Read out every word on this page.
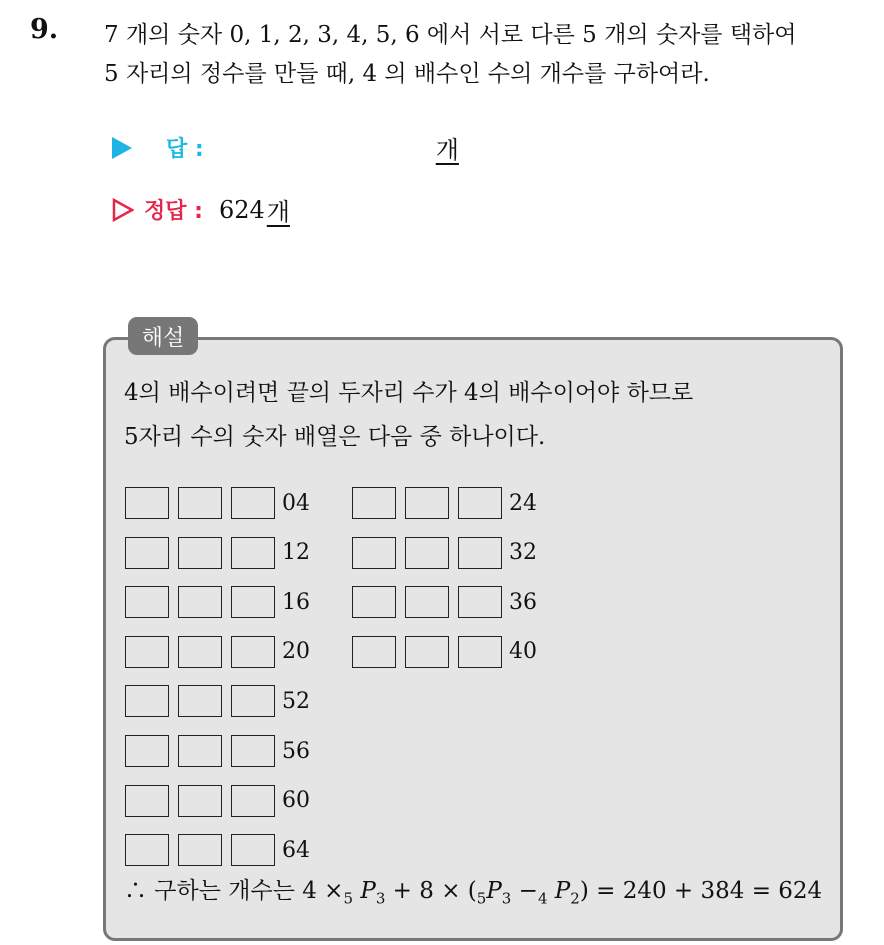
9. 7 개의 숫자 0, 1, 2, 3, 4, 5, 6 에서 서로 다른 5 개의 숫자를 택하여
5 자리의 정수를 만들 때, 4 의 배수인 수의 개수를 구하여라.
답 :	개
정답 : 624 개
해설
4의 배수이려면 끝의 두자리 수가 4의 배수이어야 하므로
5자리 수의 숫자 배열은 다음 중 하나이다.
04
12
16
20
52
56
60
64
24
32
36
40
∴ 구하는 개수는 $4 \times_5$ $P_3 + 8 \times (_5P_3 -_4$ $P_2) = 240 + 384 = 624$
